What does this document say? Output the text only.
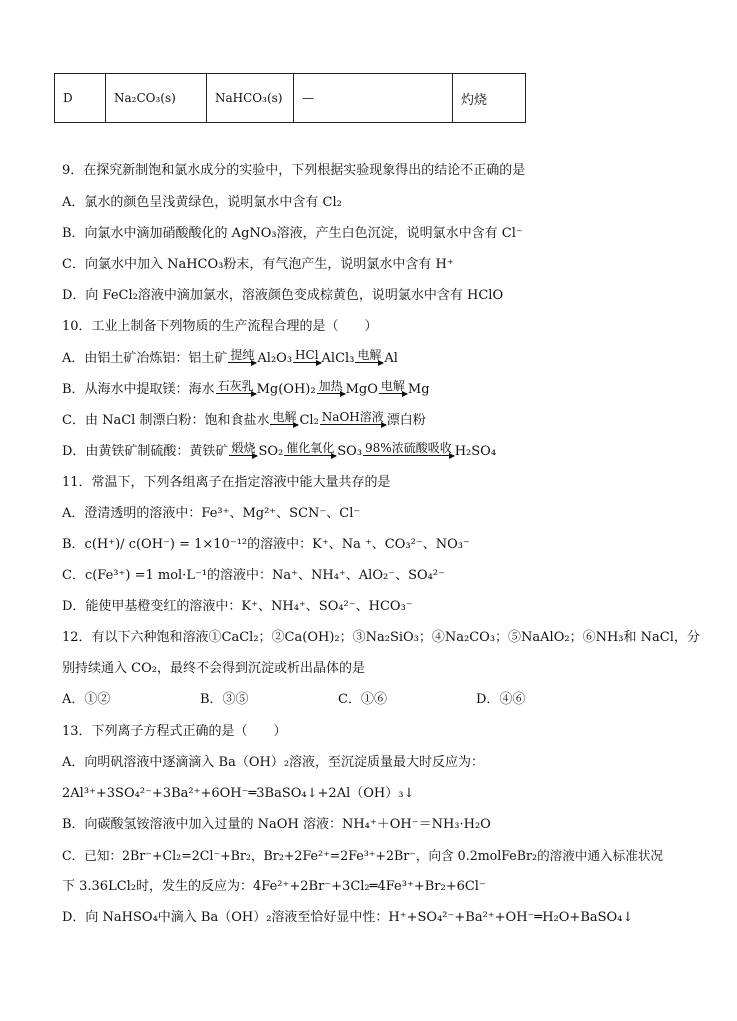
D	Na₂CO₃(s)	NaHCO₃(s)	—	灼烧
9．在探究新制饱和氯水成分的实验中，下列根据实验现象得出的结论不正确的是
A．氯水的颜色呈浅黄绿色，说明氯水中含有 Cl₂
B．向氯水中滴加硝酸酸化的 AgNO₃溶液，产生白色沉淀，说明氯水中含有 Cl⁻
C．向氯水中加入 NaHCO₃粉末，有气泡产生，说明氯水中含有 H⁺
D．向 FeCl₂溶液中滴加氯水，溶液颜色变成棕黄色，说明氯水中含有 HClO
10．工业上制备下列物质的生产流程合理的是（　　）
A．由铝土矿冶炼铝：铝土矿 提纯 Al₂O₃ HCl AlCl₃ 电解 Al
B．从海水中提取镁：海水 石灰乳 Mg(OH)₂ 加热 MgO 电解 Mg
C．由 NaCl 制漂白粉：饱和食盐水 电解 Cl₂ NaOH溶液 漂白粉
D．由黄铁矿制硫酸：黄铁矿 煅烧 SO₂ 催化氧化 SO₃ 98%浓硫酸吸收 H₂SO₄
11．常温下，下列各组离子在指定溶液中能大量共存的是
A．澄清透明的溶液中：Fe³⁺、Mg²⁺、SCN⁻、Cl⁻
B．c(H⁺)/ c(OH⁻) = 1×10⁻¹²的溶液中：K⁺、Na ⁺、CO₃²⁻、NO₃⁻
C．c(Fe³⁺) =1 mol·L⁻¹的溶液中：Na⁺、NH₄⁺、AlO₂⁻、SO₄²⁻
D．能使甲基橙变红的溶液中：K⁺、NH₄⁺、SO₄²⁻、HCO₃⁻
12．有以下六种饱和溶液①CaCl₂；②Ca(OH)₂；③Na₂SiO₃；④Na₂CO₃；⑤NaAlO₂；⑥NH₃和 NaCl，分
别持续通入 CO₂，最终不会得到沉淀或析出晶体的是
A．①②	B．③⑤	C．①⑥	D．④⑥
13．下列离子方程式正确的是（　　）
A．向明矾溶液中逐滴滴入 Ba（OH）₂溶液，至沉淀质量最大时反应为：
2Al³⁺+3SO₄²⁻+3Ba²⁺+6OH⁻═3BaSO₄↓+2Al（OH）₃↓
B．向碳酸氢铵溶液中加入过量的 NaOH 溶液：NH₄⁺＋OH⁻＝NH₃·H₂O
C．已知：2Br⁻+Cl₂=2Cl⁻+Br₂，Br₂+2Fe²⁺=2Fe³⁺+2Br⁻，向含 0.2molFeBr₂的溶液中通入标准状况
下 3.36LCl₂时，发生的反应为：4Fe²⁺+2Br⁻+3Cl₂═4Fe³⁺+Br₂+6Cl⁻
D．向 NaHSO₄中滴入 Ba（OH）₂溶液至恰好显中性：H⁺+SO₄²⁻+Ba²⁺+OH⁻═H₂O+BaSO₄↓
